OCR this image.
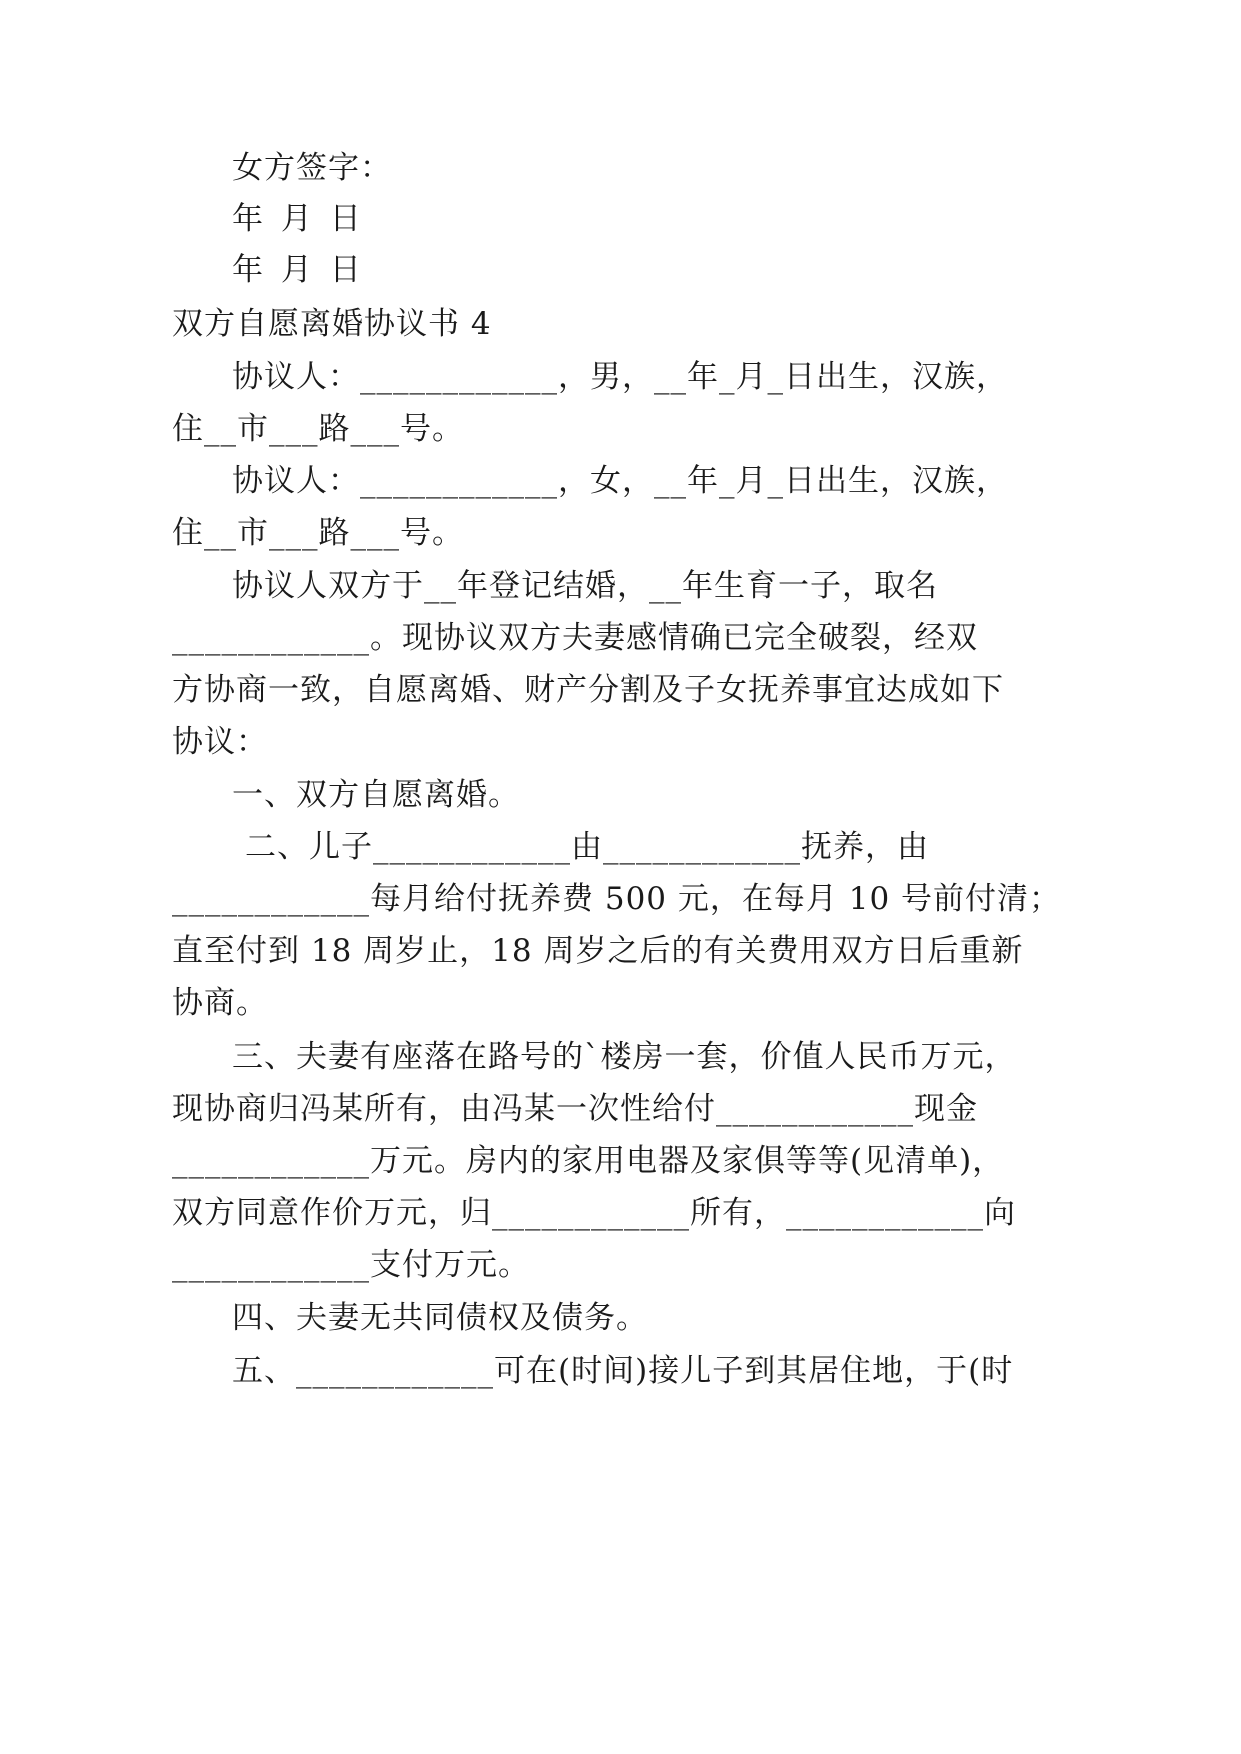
女方签字：
年 月 日
年 月 日
双方自愿离婚协议书 4
协议人：____________，男，__年_月_日出生，汉族，
住__市___路___号。
协议人：____________，女，__年_月_日出生，汉族，
住__市___路___号。
协议人双方于__年登记结婚，__年生育一子，取名
____________。现协议双方夫妻感情确已完全破裂，经双
方协商一致，自愿离婚、财产分割及子女抚养事宜达成如下
协议：
一、双方自愿离婚。
二、儿子____________由____________抚养，由
____________每月给付抚养费 500 元，在每月 10 号前付清；
直至付到 18 周岁止，18 周岁之后的有关费用双方日后重新
协商。
三、夫妻有座落在路号的`楼房一套，价值人民币万元，
现协商归冯某所有，由冯某一次性给付____________现金
____________万元。房内的家用电器及家俱等等(见清单)，
双方同意作价万元，归____________所有，____________向
____________支付万元。
四、夫妻无共同债权及债务。
五、____________可在(时间)接儿子到其居住地，于(时
